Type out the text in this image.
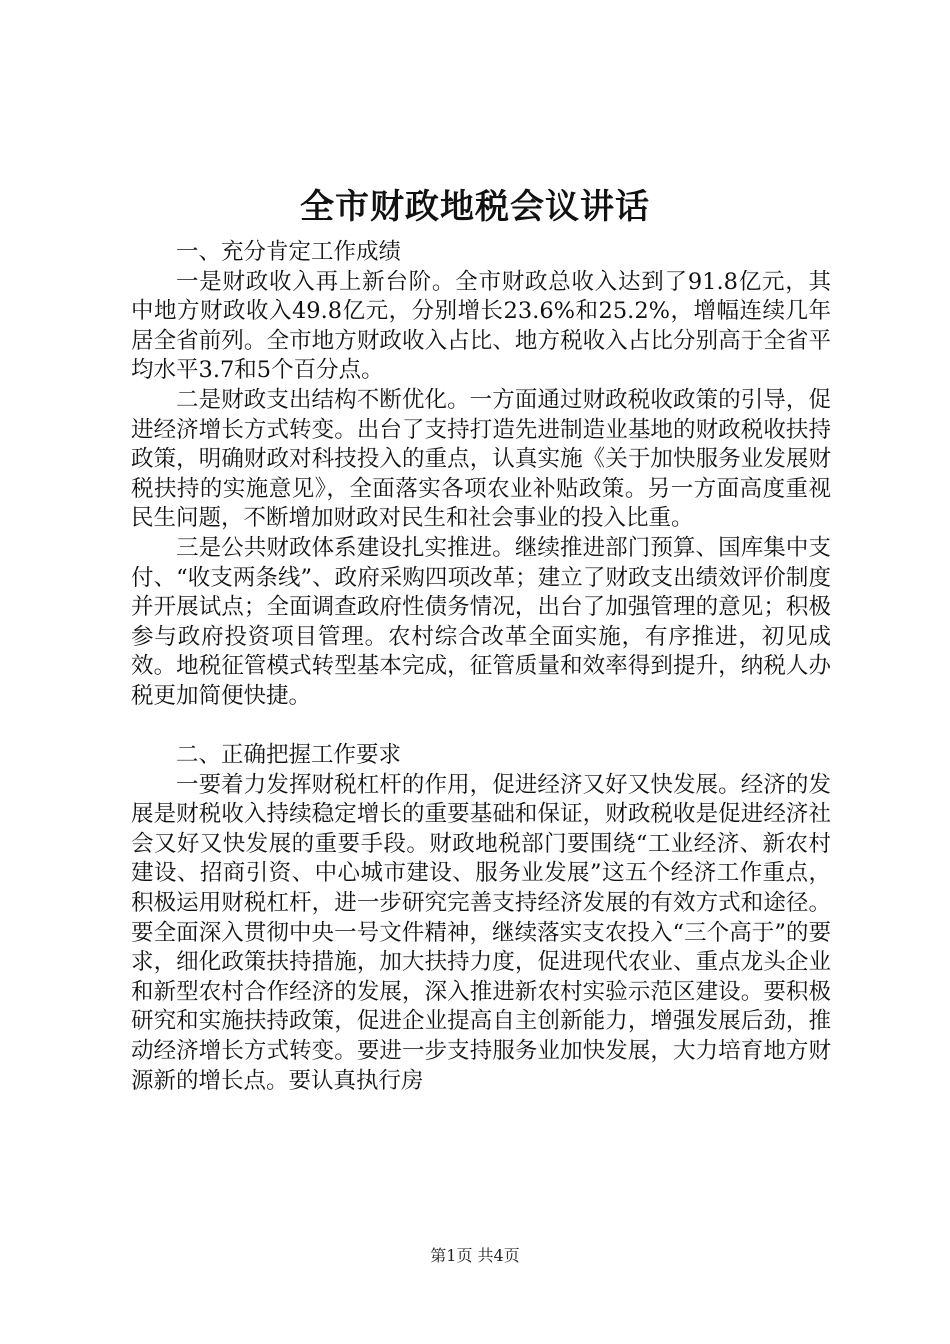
全市财政地税会议讲话

一、充分肯定工作成绩

一是财政收入再上新台阶。全市财政总收入达到了91.8亿元，其中地方财政收入49.8亿元，分别增长23.6%和25.2%，增幅连续几年居全省前列。全市地方财政收入占比、地方税收入占比分别高于全省平均水平3.7和5个百分点。

二是财政支出结构不断优化。一方面通过财政税收政策的引导，促进经济增长方式转变。出台了支持打造先进制造业基地的财政税收扶持政策，明确财政对科技投入的重点，认真实施《关于加快服务业发展财税扶持的实施意见》，全面落实各项农业补贴政策。另一方面高度重视民生问题，不断增加财政对民生和社会事业的投入比重。

三是公共财政体系建设扎实推进。继续推进部门预算、国库集中支付、“收支两条线”、政府采购四项改革；建立了财政支出绩效评价制度并开展试点；全面调查政府性债务情况，出台了加强管理的意见；积极参与政府投资项目管理。农村综合改革全面实施，有序推进，初见成效。地税征管模式转型基本完成，征管质量和效率得到提升，纳税人办税更加简便快捷。

二、正确把握工作要求

一要着力发挥财税杠杆的作用，促进经济又好又快发展。经济的发展是财税收入持续稳定增长的重要基础和保证，财政税收是促进经济社会又好又快发展的重要手段。财政地税部门要围绕“工业经济、新农村建设、招商引资、中心城市建设、服务业发展”这五个经济工作重点，积极运用财税杠杆，进一步研究完善支持经济发展的有效方式和途径。要全面深入贯彻中央一号文件精神，继续落实支农投入“三个高于”的要求，细化政策扶持措施，加大扶持力度，促进现代农业、重点龙头企业和新型农村合作经济的发展，深入推进新农村实验示范区建设。要积极研究和实施扶持政策，促进企业提高自主创新能力，增强发展后劲，推动经济增长方式转变。要进一步支持服务业加快发展，大力培育地方财源新的增长点。要认真执行房

第1页 共4页
